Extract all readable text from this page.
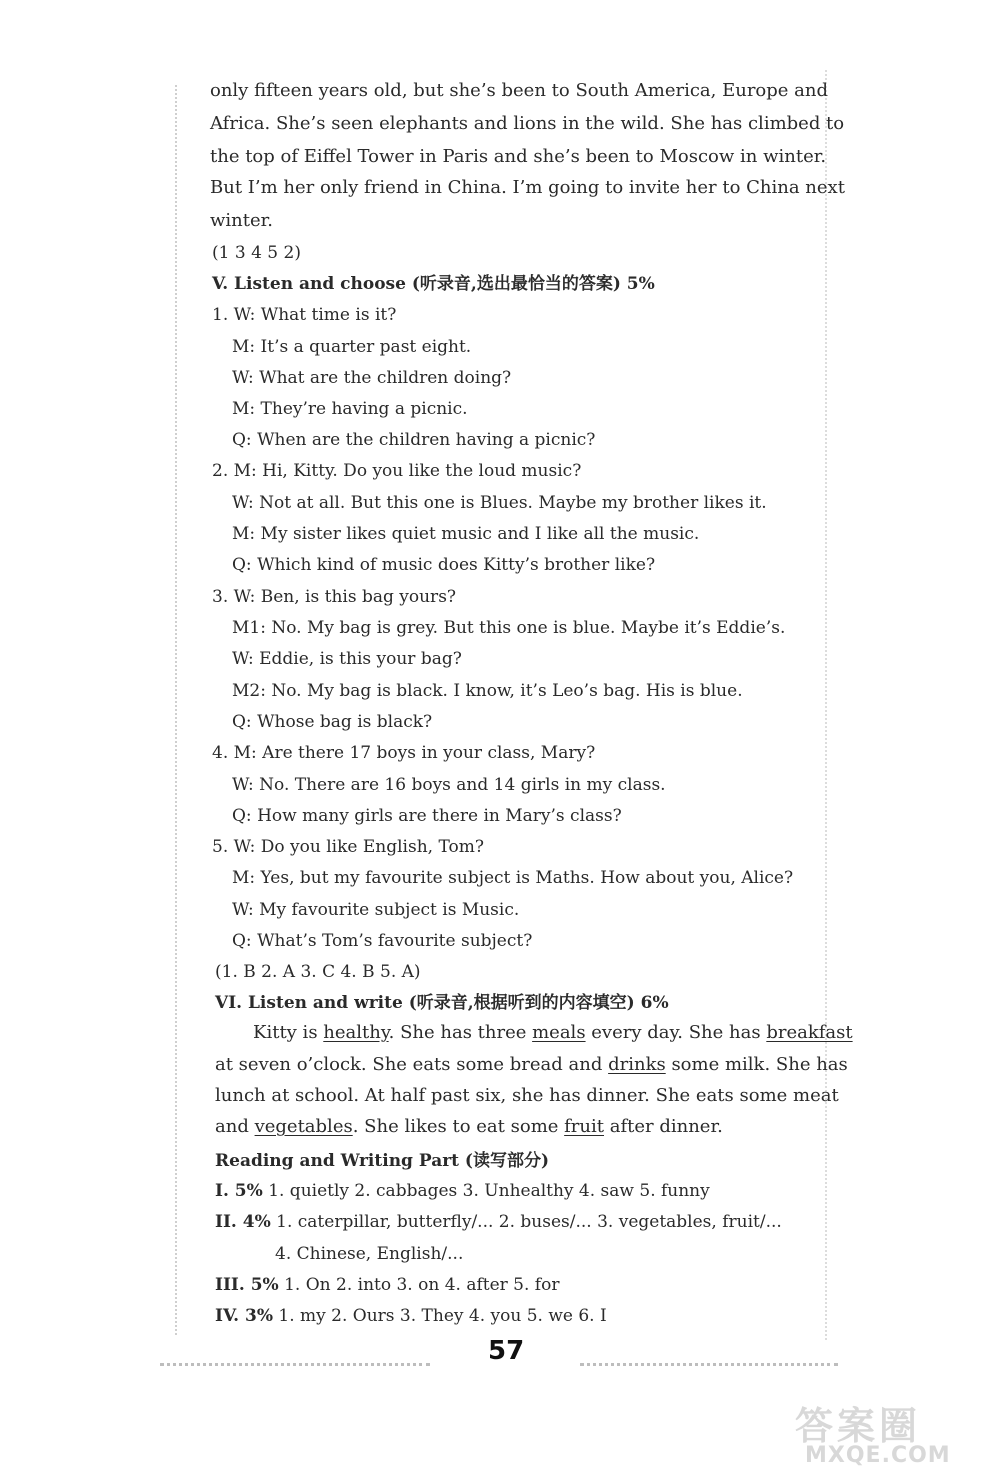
only fifteen years old, but she’s been to South America, Europe and
Africa. She’s seen elephants and lions in the wild. She has climbed to
the top of Eiffel Tower in Paris and she’s been to Moscow in winter.
But I’m her only friend in China. I’m going to invite her to China next
winter.
(1 3 4 5 2)
V. Listen and choose (听录音,选出最恰当的答案) 5%
1. W: What time is it?
M: It’s a quarter past eight.
W: What are the children doing?
M: They’re having a picnic.
Q: When are the children having a picnic?
2. M: Hi, Kitty. Do you like the loud music?
W: Not at all. But this one is Blues. Maybe my brother likes it.
M: My sister likes quiet music and I like all the music.
Q: Which kind of music does Kitty’s brother like?
3. W: Ben, is this bag yours?
M1: No. My bag is grey. But this one is blue. Maybe it’s Eddie’s.
W: Eddie, is this your bag?
M2: No. My bag is black. I know, it’s Leo’s bag. His is blue.
Q: Whose bag is black?
4. M: Are there 17 boys in your class, Mary?
W: No. There are 16 boys and 14 girls in my class.
Q: How many girls are there in Mary’s class?
5. W: Do you like English, Tom?
M: Yes, but my favourite subject is Maths. How about you, Alice?
W: My favourite subject is Music.
Q: What’s Tom’s favourite subject?
(1. B 2. A 3. C 4. B 5. A)
VI. Listen and write (听录音,根据听到的内容填空) 6%
Kitty is healthy. She has three meals every day. She has breakfast
at seven o’clock. She eats some bread and drinks some milk. She has
lunch at school. At half past six, she has dinner. She eats some meat
and vegetables. She likes to eat some fruit after dinner.
Reading and Writing Part (读写部分)
I. 5% 1. quietly 2. cabbages 3. Unhealthy 4. saw 5. funny
II. 4% 1. caterpillar, butterfly/... 2. buses/... 3. vegetables, fruit/...
4. Chinese, English/...
III. 5% 1. On 2. into 3. on 4. after 5. for
IV. 3% 1. my 2. Ours 3. They 4. you 5. we 6. I
57
答案圈
MXQE.COM
